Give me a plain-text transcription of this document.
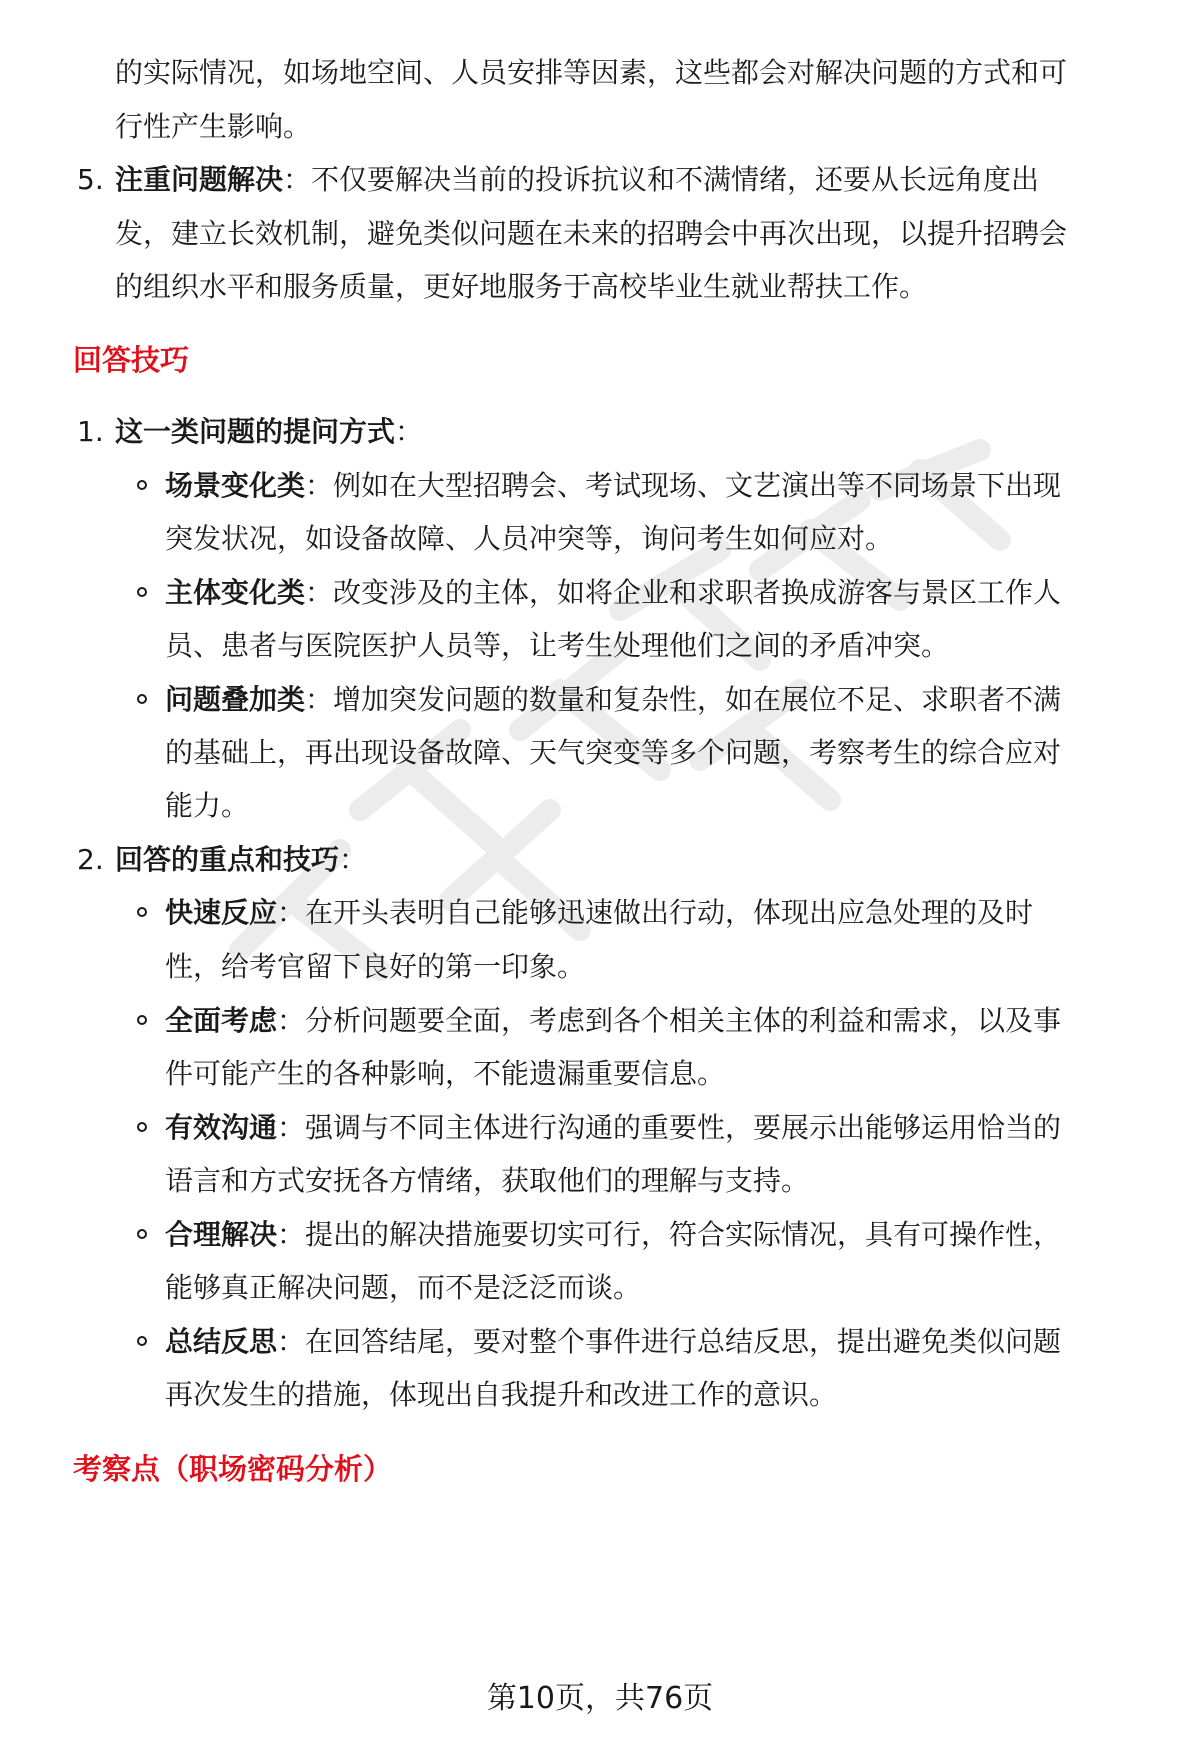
的实际情况，如场地空间、人员安排等因素，这些都会对解决问题的方式和可
行性产生影响。
5. 注重问题解决：不仅要解决当前的投诉抗议和不满情绪，还要从长远角度出
发，建立长效机制，避免类似问题在未来的招聘会中再次出现，以提升招聘会
的组织水平和服务质量，更好地服务于高校毕业生就业帮扶工作。
回答技巧
1. 这一类问题的提问方式：
场景变化类：例如在大型招聘会、考试现场、文艺演出等不同场景下出现
突发状况，如设备故障、人员冲突等，询问考生如何应对。
主体变化类：改变涉及的主体，如将企业和求职者换成游客与景区工作人
员、患者与医院医护人员等，让考生处理他们之间的矛盾冲突。
问题叠加类：增加突发问题的数量和复杂性，如在展位不足、求职者不满
的基础上，再出现设备故障、天气突变等多个问题，考察考生的综合应对
能力。
2. 回答的重点和技巧：
快速反应：在开头表明自己能够迅速做出行动，体现出应急处理的及时
性，给考官留下良好的第一印象。
全面考虑：分析问题要全面，考虑到各个相关主体的利益和需求，以及事
件可能产生的各种影响，不能遗漏重要信息。
有效沟通：强调与不同主体进行沟通的重要性，要展示出能够运用恰当的
语言和方式安抚各方情绪，获取他们的理解与支持。
合理解决：提出的解决措施要切实可行，符合实际情况，具有可操作性，
能够真正解决问题，而不是泛泛而谈。
总结反思：在回答结尾，要对整个事件进行总结反思，提出避免类似问题
再次发生的措施，体现出自我提升和改进工作的意识。
考察点（职场密码分析）
第10页，共76页
